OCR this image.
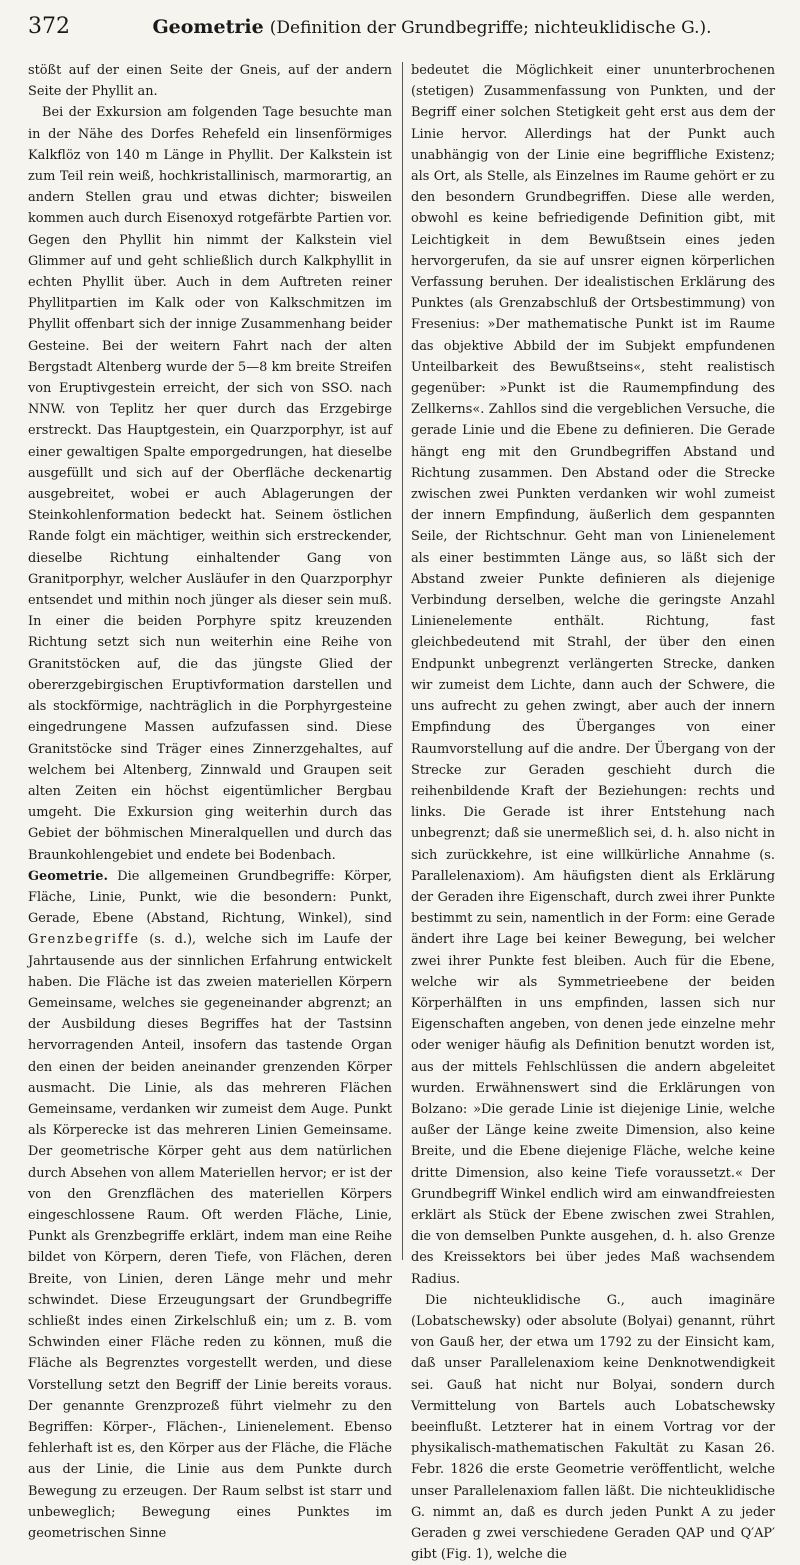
372	Geometrie (Definition der Grundbegriffe; nichteuklidische G.).

stößt auf der einen Seite der Gneis, auf der andern Seite der Phyllit an.

Bei der Exkursion am folgenden Tage besuchte man in der Nähe des Dorfes Rehefeld ein linsenförmiges Kalkflöz von 140 m Länge in Phyllit. Der Kalkstein ist zum Teil rein weiß, hochkristallinisch, marmorartig, an andern Stellen grau und etwas dichter; bisweilen kommen auch durch Eisenoxyd rotgefärbte Partien vor. Gegen den Phyllit hin nimmt der Kalkstein viel Glimmer auf und geht schließlich durch Kalkphyllit in echten Phyllit über. Auch in dem Auftreten reiner Phyllitpartien im Kalk oder von Kalkschmitzen im Phyllit offenbart sich der innige Zusammenhang beider Gesteine. Bei der weitern Fahrt nach der alten Bergstadt Altenberg wurde der 5—8 km breite Streifen von Eruptivgestein erreicht, der sich von SSO. nach NNW. von Teplitz her quer durch das Erzgebirge erstreckt. Das Hauptgestein, ein Quarzporphyr, ist auf einer gewaltigen Spalte emporgedrungen, hat dieselbe ausgefüllt und sich auf der Oberfläche deckenartig ausgebreitet, wobei er auch Ablagerungen der Steinkohlenformation bedeckt hat. Seinem östlichen Rande folgt ein mächtiger, weithin sich erstreckender, dieselbe Richtung einhaltender Gang von Granitporphyr, welcher Ausläufer in den Quarzporphyr entsendet und mithin noch jünger als dieser sein muß. In einer die beiden Porphyre spitz kreuzenden Richtung setzt sich nun weiterhin eine Reihe von Granitstöcken auf, die das jüngste Glied der obererzgebirgischen Eruptivformation darstellen und als stockförmige, nachträglich in die Porphyrgesteine eingedrungene Massen aufzufassen sind. Diese Granitstöcke sind Träger eines Zinnerzgehaltes, auf welchem bei Altenberg, Zinnwald und Graupen seit alten Zeiten ein höchst eigentümlicher Bergbau umgeht. Die Exkursion ging weiterhin durch das Gebiet der böhmischen Mineralquellen und durch das Braunkohlengebiet und endete bei Bodenbach.

Geometrie. Die allgemeinen Grundbegriffe: Körper, Fläche, Linie, Punkt, wie die besondern: Punkt, Gerade, Ebene (Abstand, Richtung, Winkel), sind Grenzbegriffe (s. d.), welche sich im Laufe der Jahrtausende aus der sinnlichen Erfahrung entwickelt haben. Die Fläche ist das zweien materiellen Körpern Gemeinsame, welches sie gegeneinander abgrenzt; an der Ausbildung dieses Begriffes hat der Tastsinn hervorragenden Anteil, insofern das tastende Organ den einen der beiden aneinander grenzenden Körper ausmacht. Die Linie, als das mehreren Flächen Gemeinsame, verdanken wir zumeist dem Auge. Punkt als Körperecke ist das mehreren Linien Gemeinsame. Der geometrische Körper geht aus dem natürlichen durch Absehen von allem Materiellen hervor; er ist der von den Grenzflächen des materiellen Körpers eingeschlossene Raum. Oft werden Fläche, Linie, Punkt als Grenzbegriffe erklärt, indem man eine Reihe bildet von Körpern, deren Tiefe, von Flächen, deren Breite, von Linien, deren Länge mehr und mehr schwindet. Diese Erzeugungsart der Grundbegriffe schließt indes einen Zirkelschluß ein; um z. B. vom Schwinden einer Fläche reden zu können, muß die Fläche als Begrenztes vorgestellt werden, und diese Vorstellung setzt den Begriff der Linie bereits voraus. Der genannte Grenzprozeß führt vielmehr zu den Begriffen: Körper-, Flächen-, Linienelement. Ebenso fehlerhaft ist es, den Körper aus der Fläche, die Fläche aus der Linie, die Linie aus dem Punkte durch Bewegung zu erzeugen. Der Raum selbst ist starr und unbeweglich; Bewegung eines Punktes im geometrischen Sinne

bedeutet die Möglichkeit einer ununterbrochenen (stetigen) Zusammenfassung von Punkten, und der Begriff einer solchen Stetigkeit geht erst aus dem der Linie hervor. Allerdings hat der Punkt auch unabhängig von der Linie eine begriffliche Existenz; als Ort, als Stelle, als Einzelnes im Raume gehört er zu den besondern Grundbegriffen. Diese alle werden, obwohl es keine befriedigende Definition gibt, mit Leichtigkeit in dem Bewußtsein eines jeden hervorgerufen, da sie auf unsrer eignen körperlichen Verfassung beruhen. Der idealistischen Erklärung des Punktes (als Grenzabschluß der Ortsbestimmung) von Fresenius: »Der mathematische Punkt ist im Raume das objektive Abbild der im Subjekt empfundenen Unteilbarkeit des Bewußtseins«, steht realistisch gegenüber: »Punkt ist die Raumempfindung des Zellkerns«. Zahllos sind die vergeblichen Versuche, die gerade Linie und die Ebene zu definieren. Die Gerade hängt eng mit den Grundbegriffen Abstand und Richtung zusammen. Den Abstand oder die Strecke zwischen zwei Punkten verdanken wir wohl zumeist der innern Empfindung, äußerlich dem gespannten Seile, der Richtschnur. Geht man von Linienelement als einer bestimmten Länge aus, so läßt sich der Abstand zweier Punkte definieren als diejenige Verbindung derselben, welche die geringste Anzahl Linienelemente enthält. Richtung, fast gleichbedeutend mit Strahl, der über den einen Endpunkt unbegrenzt verlängerten Strecke, danken wir zumeist dem Lichte, dann auch der Schwere, die uns aufrecht zu gehen zwingt, aber auch der innern Empfindung des Überganges von einer Raumvorstellung auf die andre. Der Übergang von der Strecke zur Geraden geschieht durch die reihenbildende Kraft der Beziehungen: rechts und links. Die Gerade ist ihrer Entstehung nach unbegrenzt; daß sie unermeßlich sei, d. h. also nicht in sich zurückkehre, ist eine willkürliche Annahme (s. Parallelenaxiom). Am häufigsten dient als Erklärung der Geraden ihre Eigenschaft, durch zwei ihrer Punkte bestimmt zu sein, namentlich in der Form: eine Gerade ändert ihre Lage bei keiner Bewegung, bei welcher zwei ihrer Punkte fest bleiben. Auch für die Ebene, welche wir als Symmetrieebene der beiden Körperhälften in uns empfinden, lassen sich nur Eigenschaften angeben, von denen jede einzelne mehr oder weniger häufig als Definition benutzt worden ist, aus der mittels Fehlschlüssen die andern abgeleitet wurden. Erwähnenswert sind die Erklärungen von Bolzano: »Die gerade Linie ist diejenige Linie, welche außer der Länge keine zweite Dimension, also keine Breite, und die Ebene diejenige Fläche, welche keine dritte Dimension, also keine Tiefe voraussetzt.« Der Grundbegriff Winkel endlich wird am einwandfreiesten erklärt als Stück der Ebene zwischen zwei Strahlen, die von demselben Punkte ausgehen, d. h. also Grenze des Kreissektors bei über jedes Maß wachsendem Radius.

Die nichteuklidische G., auch imaginäre (Lobatschewsky) oder absolute (Bolyai) genannt, rührt von Gauß her, der etwa um 1792 zu der Einsicht kam, daß unser Parallelenaxiom keine Denknotwendigkeit sei. Gauß hat nicht nur Bolyai, sondern durch Vermittelung von Bartels auch Lobatschewsky beeinflußt. Letzterer hat in einem Vortrag vor der physikalisch-mathematischen Fakultät zu Kasan 26. Febr. 1826 die erste Geometrie veröffentlicht, welche unser Parallelenaxiom fallen läßt. Die nichteuklidische G. nimmt an, daß es durch jeden Punkt A zu jeder Geraden g zwei verschiedene Geraden QAP und Q′AP′ gibt (Fig. 1), welche die
